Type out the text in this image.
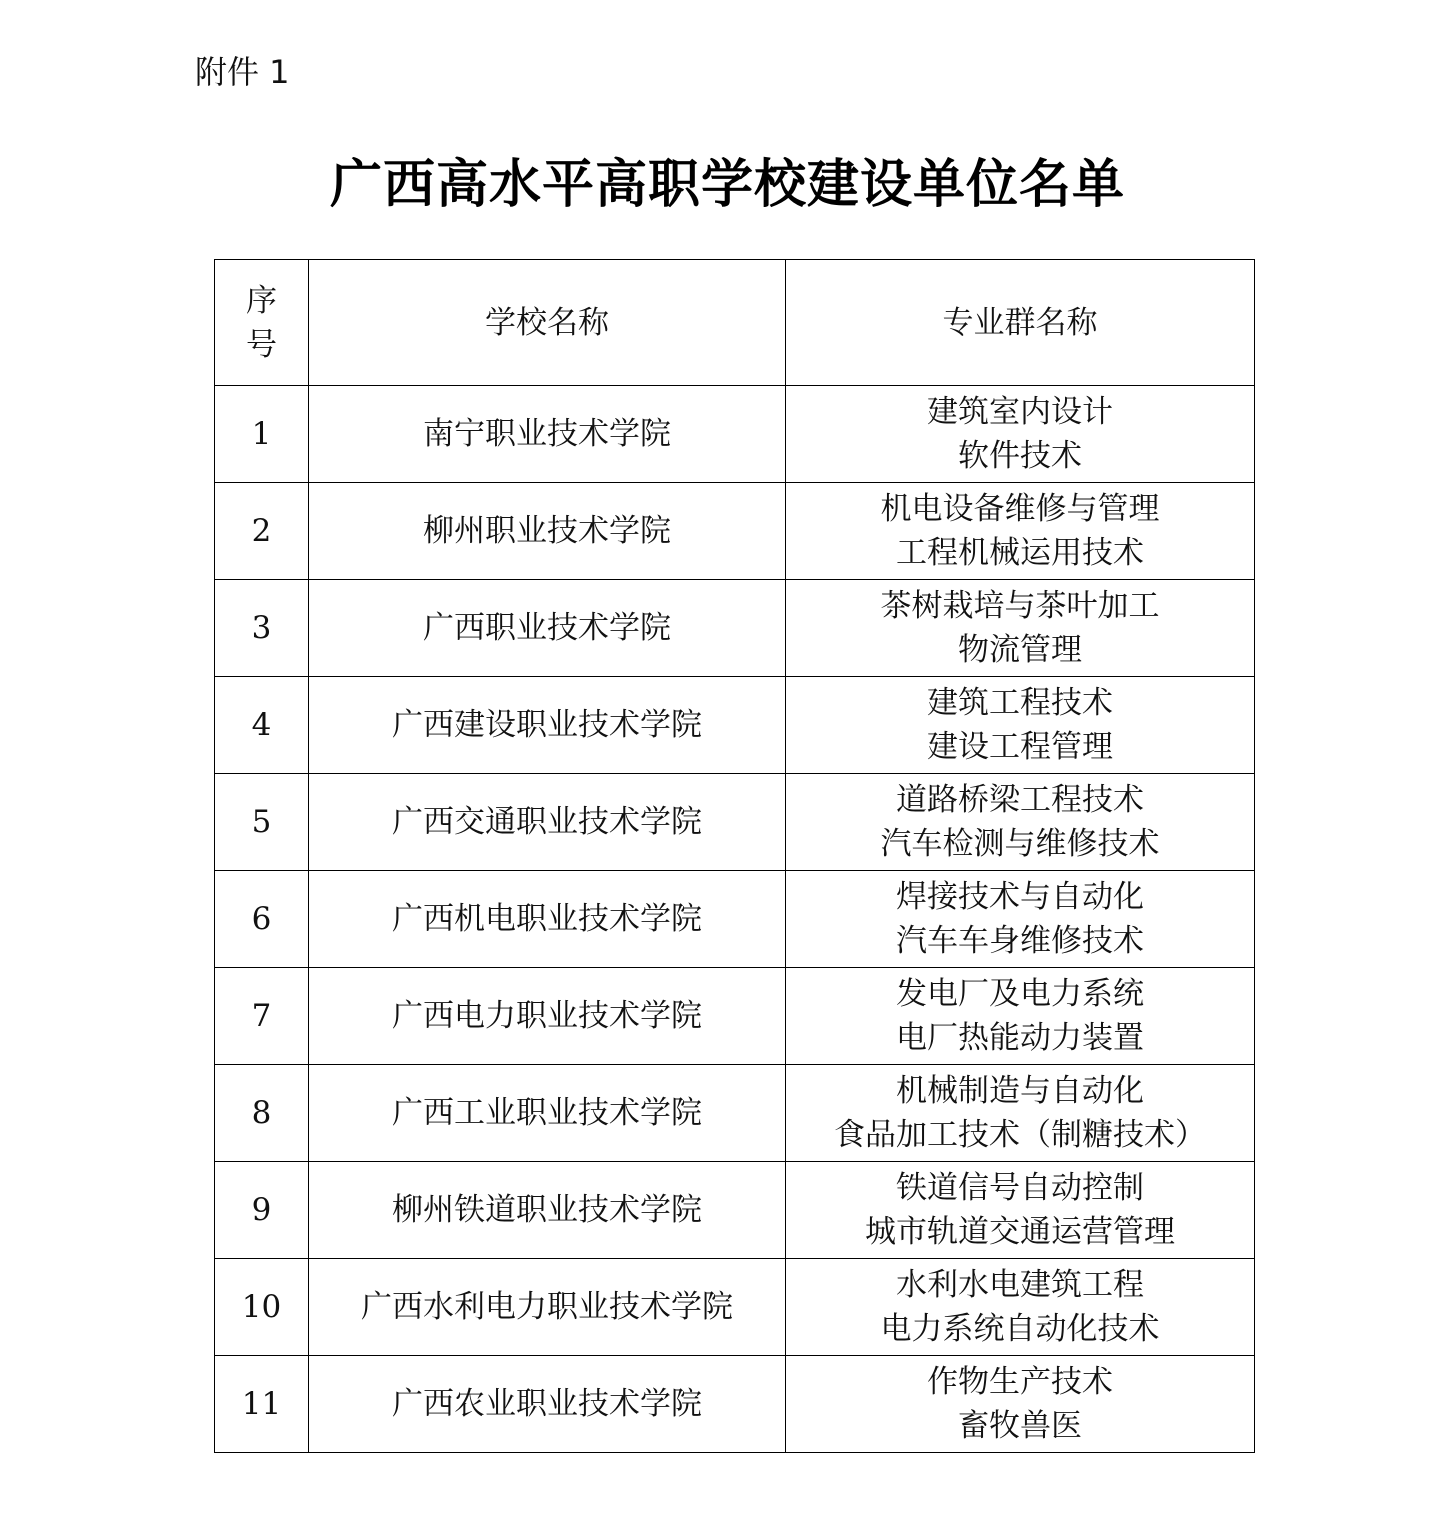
附件 1
广西高水平高职学校建设单位名单
序
号	学校名称	专业群名称
1	南宁职业技术学院	建筑室内设计
软件技术

2	柳州职业技术学院	机电设备维修与管理
工程机械运用技术

3	广西职业技术学院	茶树栽培与茶叶加工
物流管理

4	广西建设职业技术学院	建筑工程技术
建设工程管理

5	广西交通职业技术学院	道路桥梁工程技术
汽车检测与维修技术

6	广西机电职业技术学院	焊接技术与自动化
汽车车身维修技术

7	广西电力职业技术学院	发电厂及电力系统
电厂热能动力装置

8	广西工业职业技术学院	机械制造与自动化
食品加工技术（制糖技术）

9	柳州铁道职业技术学院	铁道信号自动控制
城市轨道交通运营管理

10	广西水利电力职业技术学院	水利水电建筑工程
电力系统自动化技术

11	广西农业职业技术学院	作物生产技术
畜牧兽医
